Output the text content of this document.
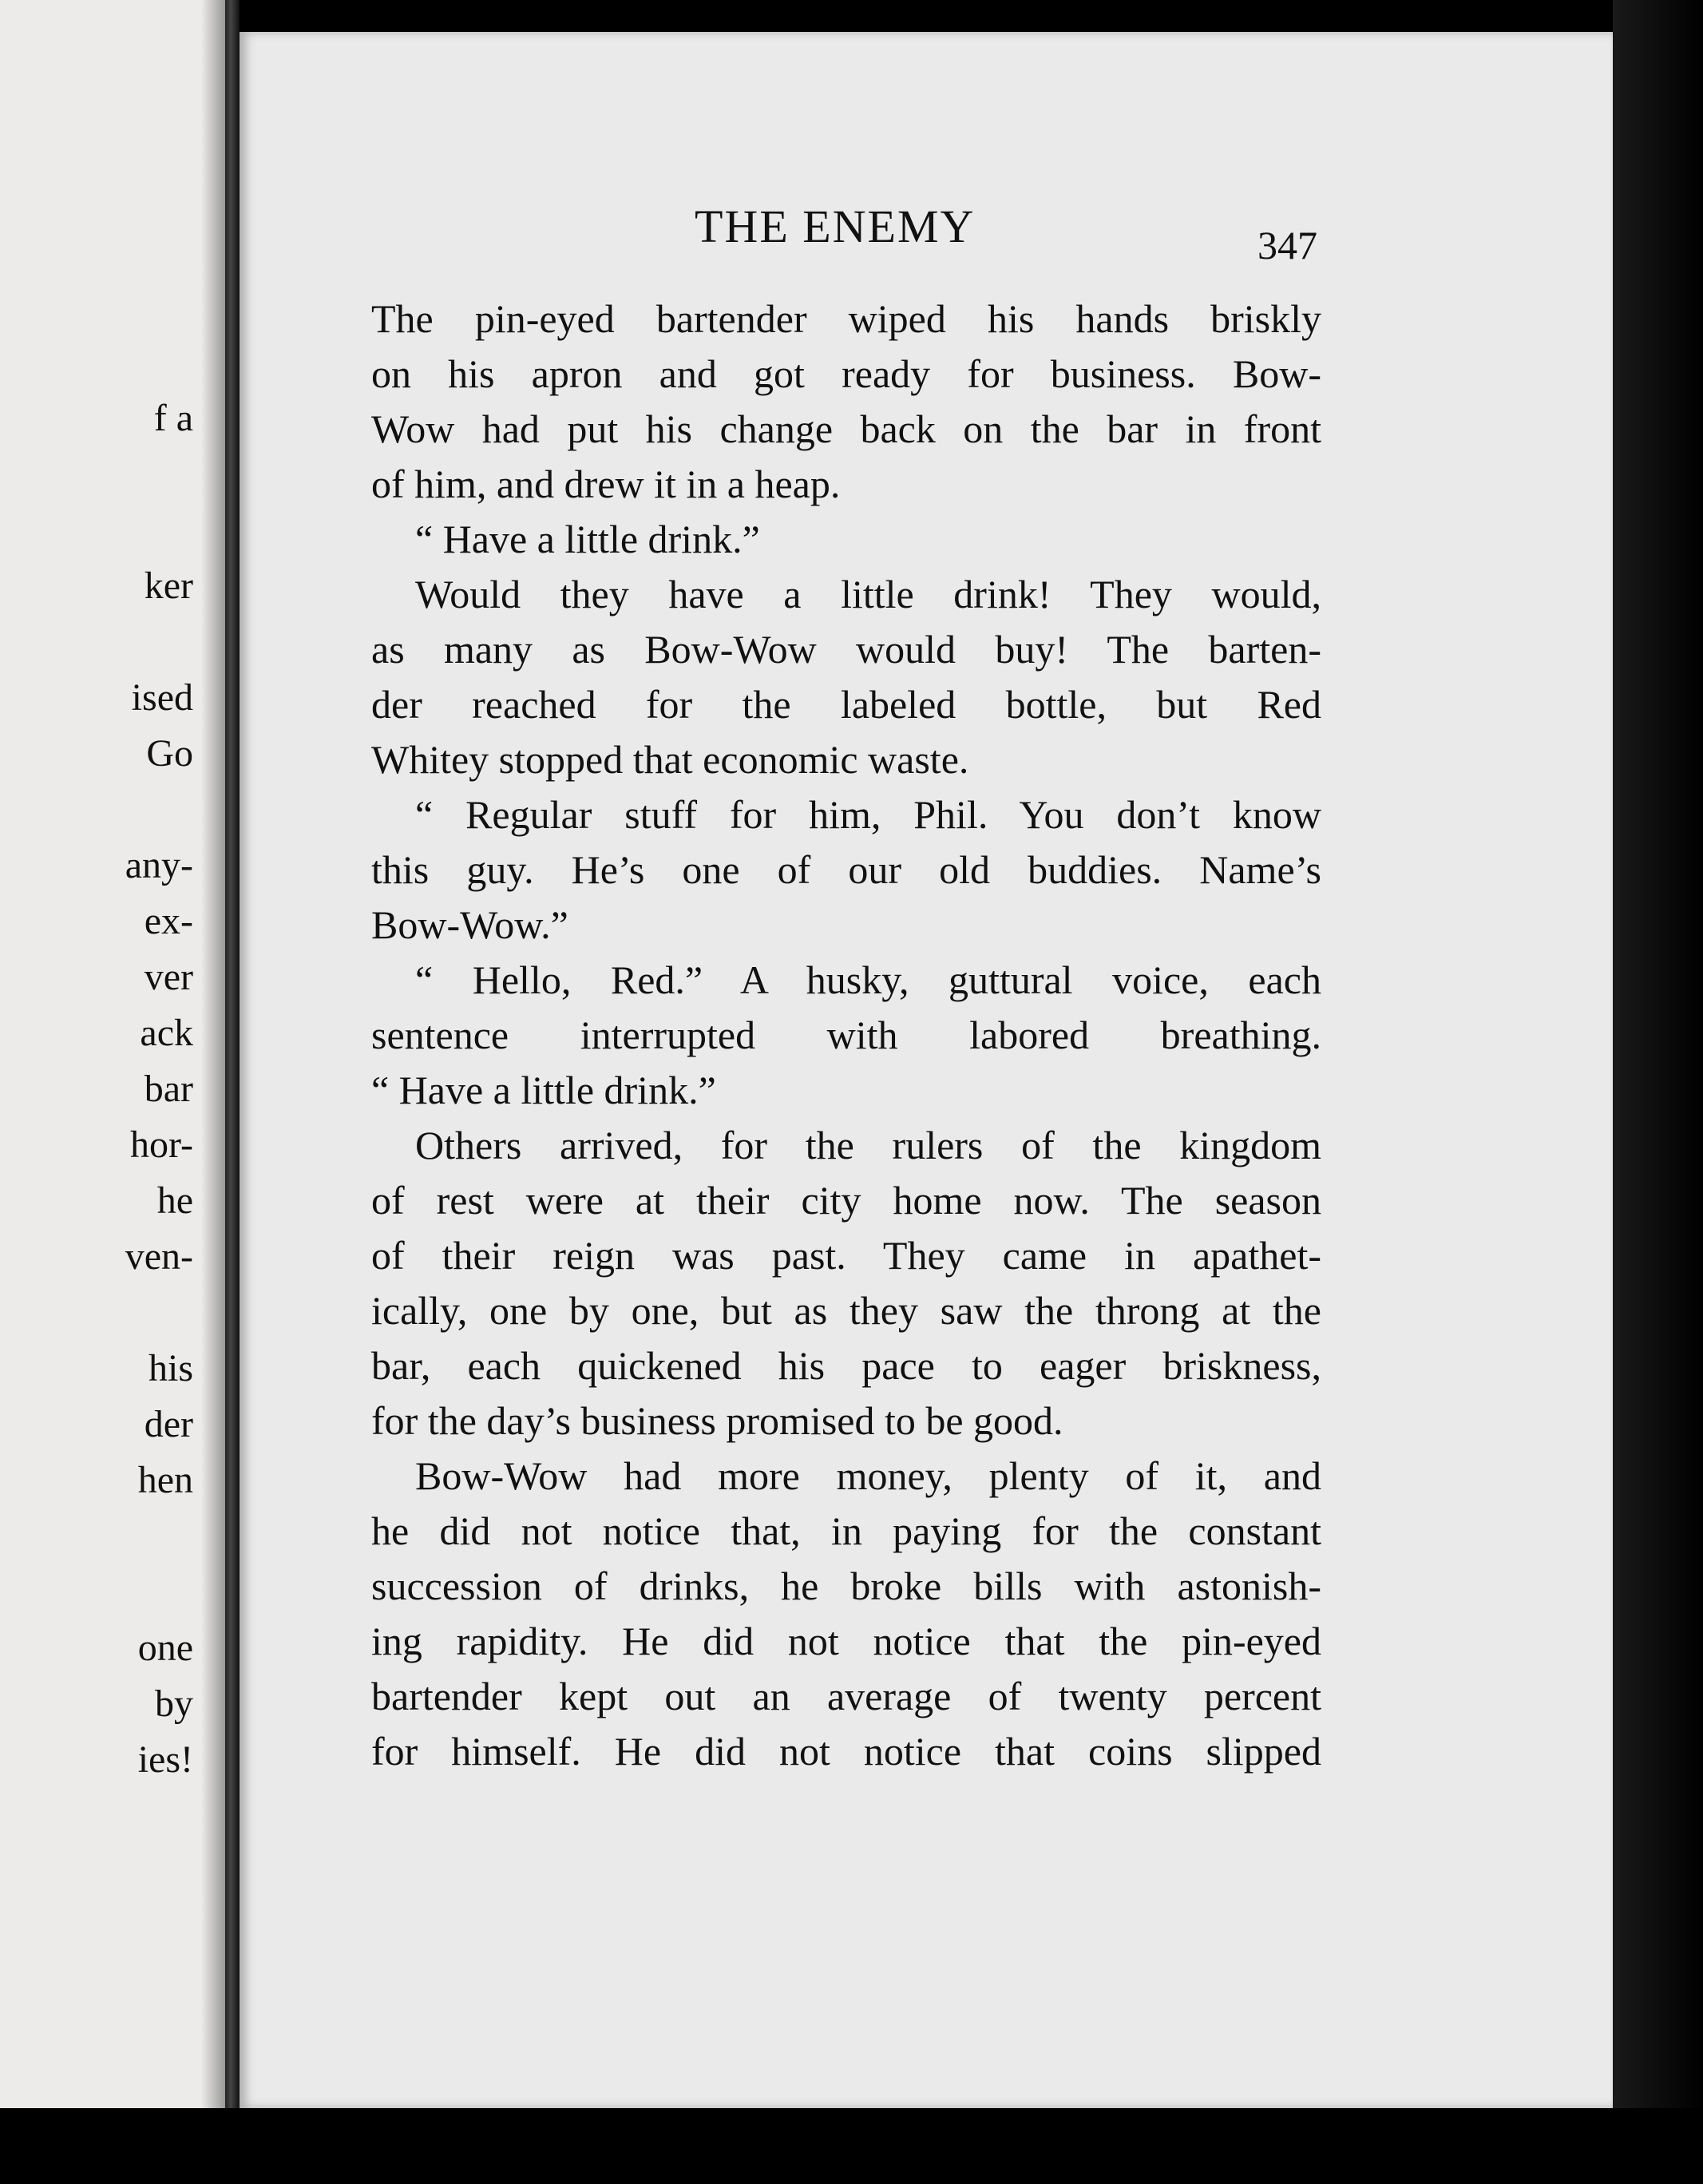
f a

ker

ised

Go

any-

ex-

ver

ack

bar

hor-

he

ven-

his

der

hen

one

by

ies!

THE ENEMY	347

The pin-eyed bartender wiped his hands briskly
on his apron and got ready for business. Bow-
Wow had put his change back on the bar in front
of him, and drew it in a heap.
“ Have a little drink.”
Would they have a little drink! They would,
as many as Bow-Wow would buy! The barten-
der reached for the labeled bottle, but Red
Whitey stopped that economic waste.
“ Regular stuff for him, Phil. You don’t know
this guy. He’s one of our old buddies. Name’s
Bow-Wow.”
“ Hello, Red.” A husky, guttural voice, each
sentence interrupted with labored breathing.
“ Have a little drink.”
Others arrived, for the rulers of the kingdom
of rest were at their city home now. The season
of their reign was past. They came in apathet-
ically, one by one, but as they saw the throng at the
bar, each quickened his pace to eager briskness,
for the day’s business promised to be good.
Bow-Wow had more money, plenty of it, and
he did not notice that, in paying for the constant
succession of drinks, he broke bills with astonish-
ing rapidity. He did not notice that the pin-eyed
bartender kept out an average of twenty percent
for himself. He did not notice that coins slipped
